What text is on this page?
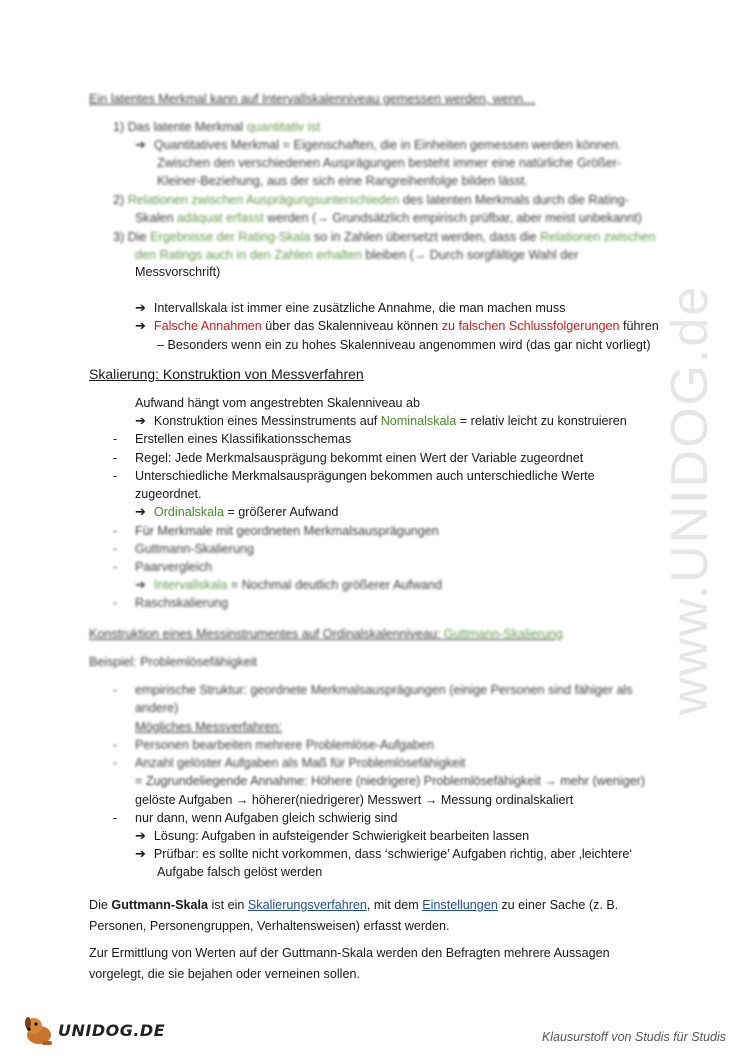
www.UNIDOG.de
Ein latentes Merkmal kann auf Intervallskalenniveau gemessen werden, wenn…
1) Das latente Merkmal quantitativ ist
➔ Quantitatives Merkmal = Eigenschaften, die in Einheiten gemessen werden können.
Zwischen den verschiedenen Ausprägungen besteht immer eine natürliche Größer-
Kleiner-Beziehung, aus der sich eine Rangreihenfolge bilden lässt.
2) Relationen zwischen Ausprägungsunterschieden des latenten Merkmals durch die Rating-
Skalen adäquat erfasst werden (→ Grundsätzlich empirisch prüfbar, aber meist unbekannt)
3) Die Ergebnisse der Rating-Skala so in Zahlen übersetzt werden, dass die Relationen zwischen
den Ratings auch in den Zahlen erhalten bleiben (→ Durch sorgfältige Wahl der
Messvorschrift)
➔ Intervallskala ist immer eine zusätzliche Annahme, die man machen muss
➔ Falsche Annahmen über das Skalenniveau können zu falschen Schlussfolgerungen führen
– Besonders wenn ein zu hohes Skalenniveau angenommen wird (das gar nicht vorliegt)
Skalierung: Konstruktion von Messverfahren
Aufwand hängt vom angestrebten Skalenniveau ab
➔ Konstruktion eines Messinstruments auf Nominalskala = relativ leicht zu konstruieren
- Erstellen eines Klassifikationsschemas
- Regel: Jede Merkmalsausprägung bekommt einen Wert der Variable zugeordnet
- Unterschiedliche Merkmalsausprägungen bekommen auch unterschiedliche Werte
zugeordnet.
➔ Ordinalskala = größerer Aufwand
- Für Merkmale mit geordneten Merkmalsausprägungen
- Guttmann-Skalierung
- Paarvergleich
➔ Intervallskala = Nochmal deutlich größerer Aufwand
- Raschskalierung
Konstruktion eines Messinstrumentes auf Ordinalskalenniveau: Guttmann-Skalierung
Beispiel: Problemlösefähigkeit
- empirische Struktur: geordnete Merkmalsausprägungen (einige Personen sind fähiger als
andere)
Mögliches Messverfahren:
- Personen bearbeiten mehrere Problemlöse-Aufgaben
- Anzahl gelöster Aufgaben als Maß für Problemlösefähigkeit
= Zugrundeliegende Annahme: Höhere (niedrigere) Problemlösefähigkeit → mehr (weniger)
gelöste Aufgaben → höherer(niedrigerer) Messwert → Messung ordinalskaliert
- nur dann, wenn Aufgaben gleich schwierig sind
➔ Lösung: Aufgaben in aufsteigender Schwierigkeit bearbeiten lassen
➔ Prüfbar: es sollte nicht vorkommen, dass ‘schwierige’ Aufgaben richtig, aber ‚leichtere‘
Aufgabe falsch gelöst werden
Die Guttmann-Skala ist ein Skalierungsverfahren, mit dem Einstellungen zu einer Sache (z. B.
Personen, Personengruppen, Verhaltensweisen) erfasst werden.
Zur Ermittlung von Werten auf der Guttmann-Skala werden den Befragten mehrere Aussagen
vorgelegt, die sie bejahen oder verneinen sollen.
UNIDOG.DE	Klausurstoff von Studis für Studis
